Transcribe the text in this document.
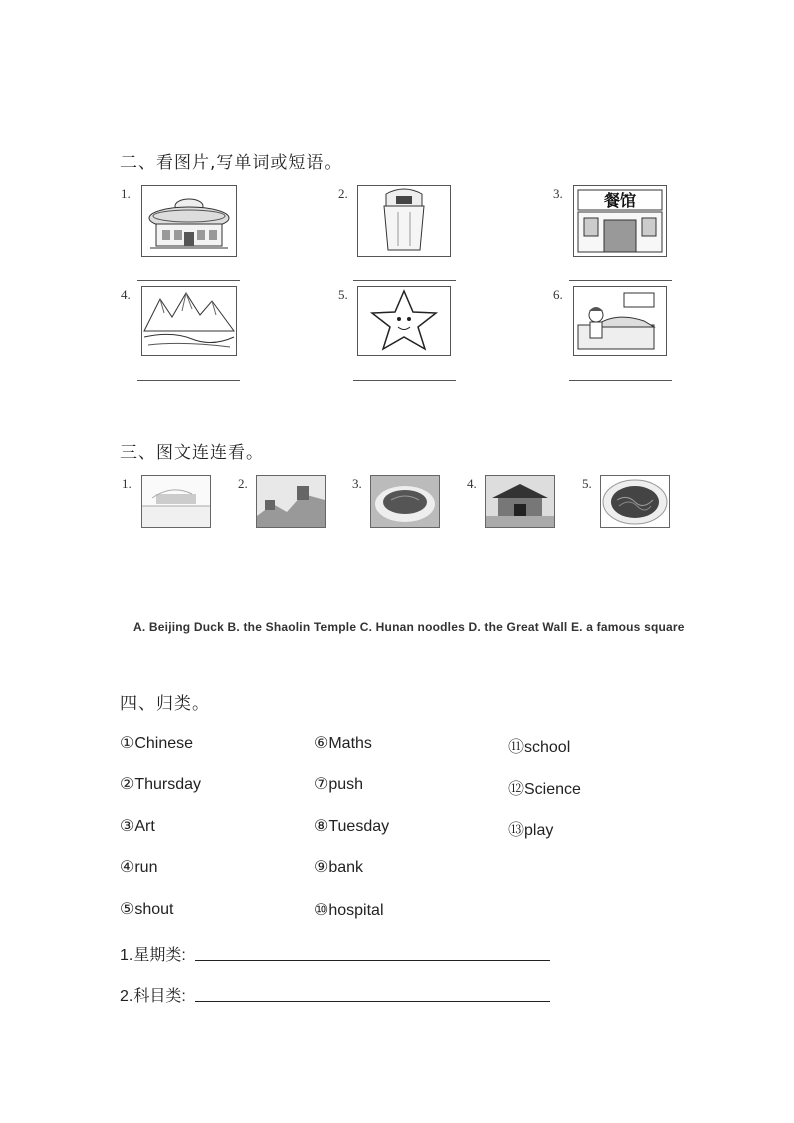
二、看图片,写单词或短语。
1.	2.	3.	餐馆
4.	5.	6.
三、图文连连看。
1.	2.	3.	4.	5.
A. Beijing Duck B. the Shaolin Temple C. Hunan noodles D. the Great Wall E. a famous square
四、归类。
①Chinese
②Thursday
③Art
④run
⑤shout
⑥Maths
⑦push
⑧Tuesday
⑨bank
⑩hospital
⑪school
⑫Science
⑬play
1.星期类:
2.科目类:
